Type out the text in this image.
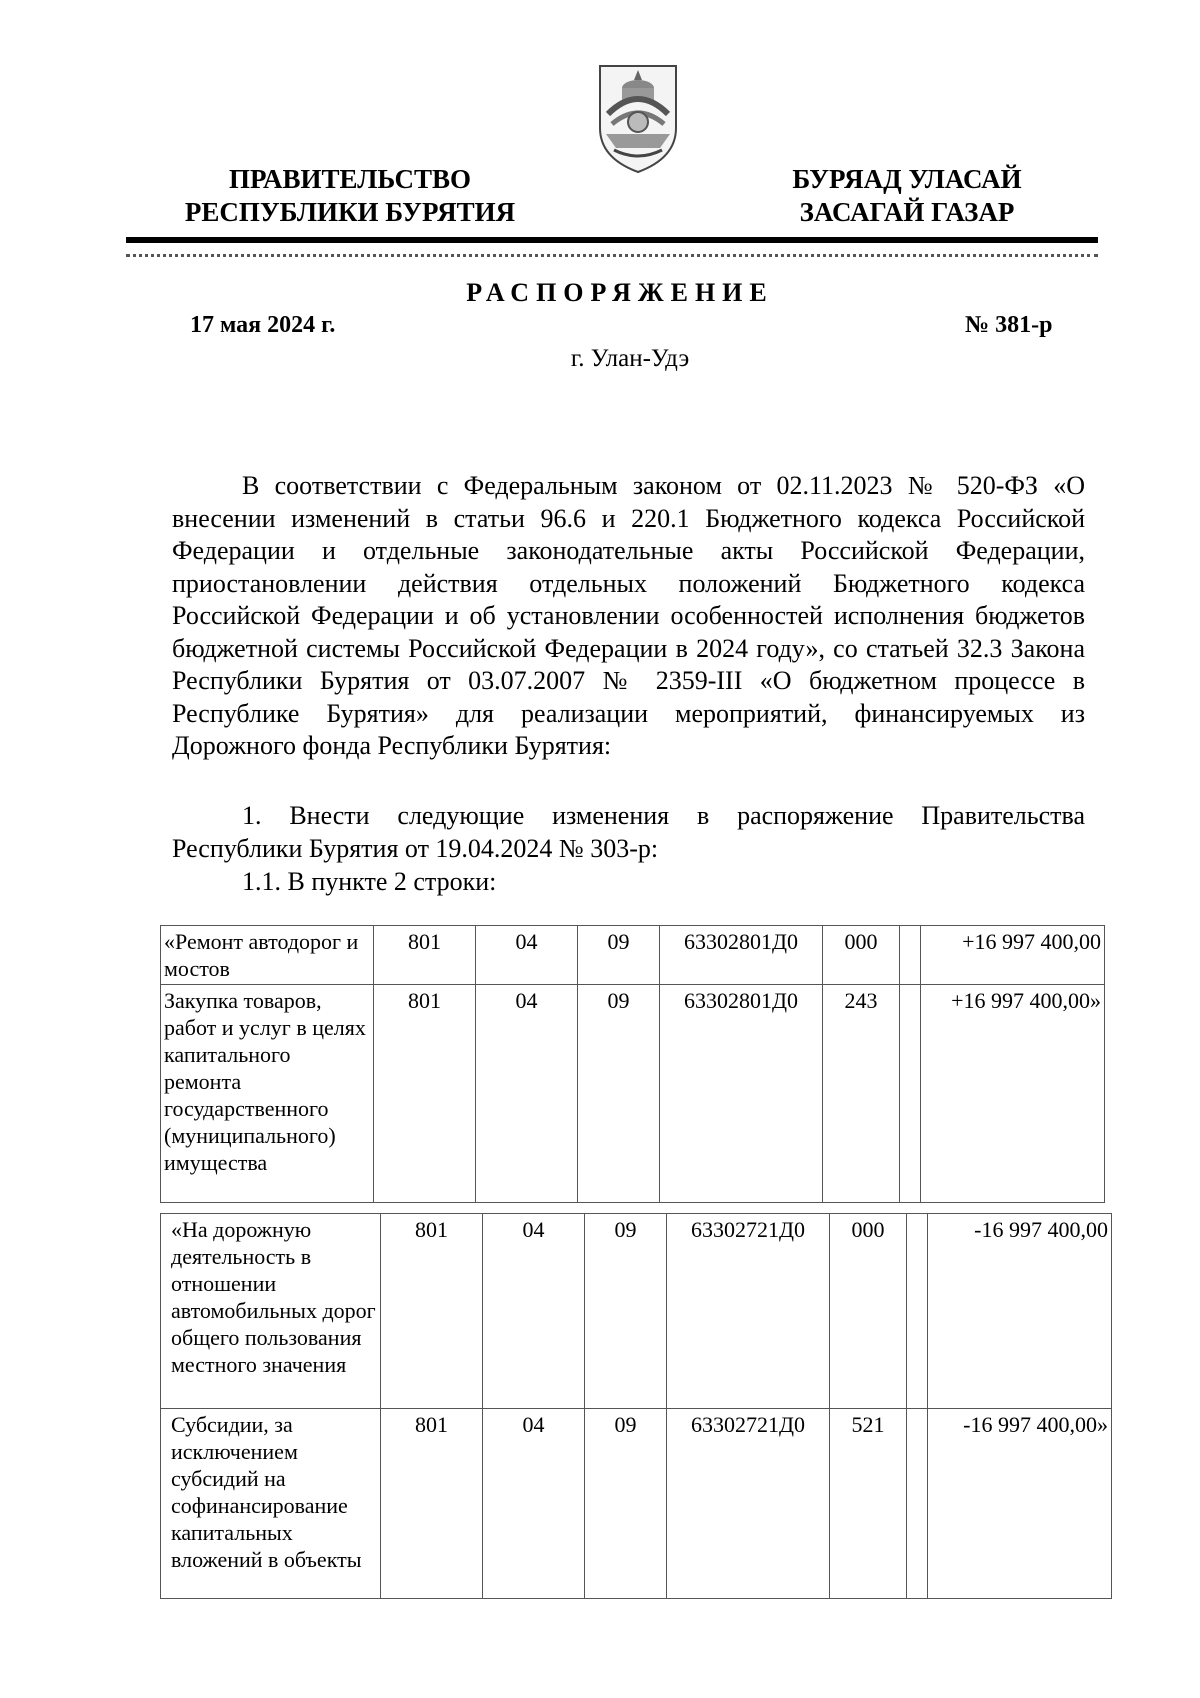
ПРАВИТЕЛЬСТВО
РЕСПУБЛИКИ БУРЯТИЯ
БУРЯАД УЛАСАЙ
ЗАСАГАЙ ГАЗАР
РАСПОРЯЖЕНИЕ
17 мая 2024 г.	№ 381-р
г. Улан-Удэ

В соответствии с Федеральным законом от 02.11.2023 № 520-ФЗ «О внесении изменений в статьи 96.6 и 220.1 Бюджетного кодекса Российской Федерации и отдельные законодательные акты Российской Федерации, приостановлении действия отдельных положений Бюджетного кодекса Российской Федерации и об установлении особенностей исполнения бюджетов бюджетной системы Российской Федерации в 2024 году», со статьей 32.3 Закона Республики Бурятия от 03.07.2007 № 2359-III «О бюджетном процессе в Республике Бурятия» для реализации мероприятий, финансируемых из Дорожного фонда Республики Бурятия:

1. Внести следующие изменения в распоряжение Правительства Республики Бурятия от 19.04.2024 № 303-р:

1.1. В пункте 2 строки:

«Ремонт автодорог и мостов	801	04	09	63302801Д0	000		+16 997 400,00
Закупка товаров, работ и услуг в целях капитального ремонта государственного (муниципального) имущества	801	04	09	63302801Д0	243		+16 997 400,00»
«На дорожную деятельность в отношении автомобильных дорог общего пользования местного значения	801	04	09	63302721Д0	000		-16 997 400,00
Субсидии, за исключением субсидий на софинансирование капитальных вложений в объекты	801	04	09	63302721Д0	521		-16 997 400,00»
